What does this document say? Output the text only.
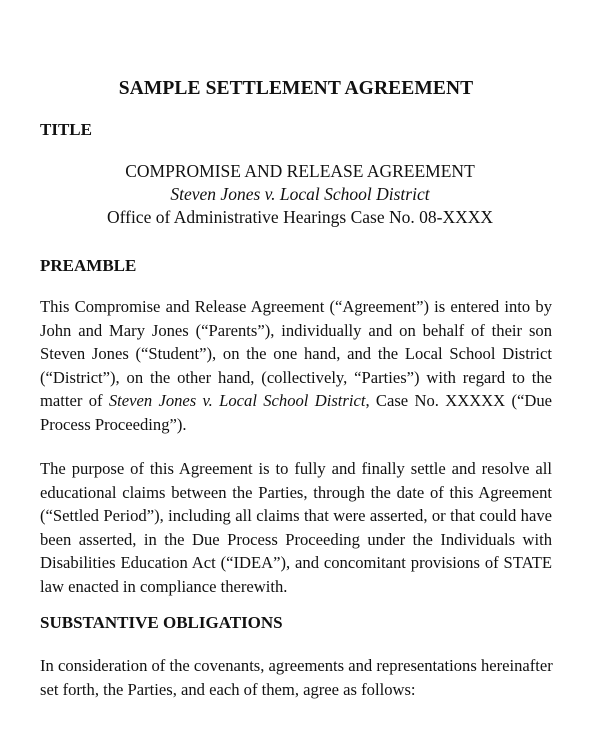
SAMPLE SETTLEMENT AGREEMENT
TITLE
COMPROMISE AND RELEASE AGREEMENT
Steven Jones v. Local School District
Office of Administrative Hearings Case No. 08-XXXX
PREAMBLE
This Compromise and Release Agreement (“Agreement”) is entered into by
John and Mary Jones (“Parents”), individually and on behalf of their son
Steven Jones (“Student”), on the one hand, and the Local School District
(“District”), on the other hand, (collectively, “Parties”) with regard to the
matter of Steven Jones v. Local School District, Case No. XXXXX (“Due
Process Proceeding”).
The purpose of this Agreement is to fully and finally settle and resolve all
educational claims between the Parties, through the date of this Agreement
(“Settled Period”), including all claims that were asserted, or that could have
been asserted, in the Due Process Proceeding under the Individuals with
Disabilities Education Act (“IDEA”), and concomitant provisions of STATE
law enacted in compliance therewith.
SUBSTANTIVE OBLIGATIONS
In consideration of the covenants, agreements and representations hereinafter
set forth, the Parties, and each of them, agree as follows:
